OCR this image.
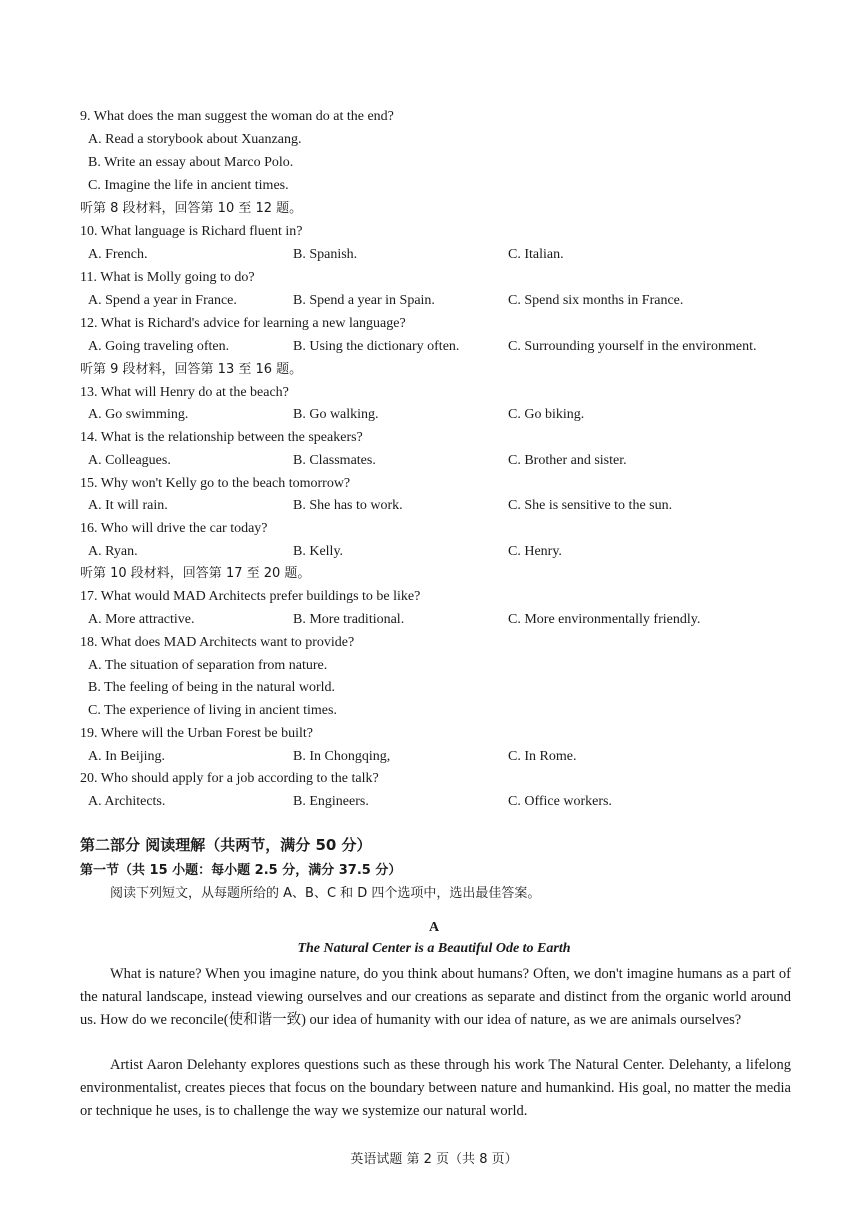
9. What does the man suggest the woman do at the end?
A. Read a storybook about Xuanzang.
B. Write an essay about Marco Polo.
C. Imagine the life in ancient times.
听第 8 段材料，回答第 10 至 12 题。
10. What language is Richard fluent in?
A. French.	B. Spanish.	C. Italian.
11. What is Molly going to do?
A. Spend a year in France.	B. Spend a year in Spain.	C. Spend six months in France.
12. What is Richard's advice for learning a new language?
A. Going traveling often.	B. Using the dictionary often.	C. Surrounding yourself in the environment.
听第 9 段材料，回答第 13 至 16 题。
13. What will Henry do at the beach?
A. Go swimming.	B. Go walking.	C. Go biking.
14. What is the relationship between the speakers?
A. Colleagues.	B. Classmates.	C. Brother and sister.
15. Why won't Kelly go to the beach tomorrow?
A. It will rain.	B. She has to work.	C. She is sensitive to the sun.
16. Who will drive the car today?
A. Ryan.	B. Kelly.	C. Henry.
听第 10 段材料，回答第 17 至 20 题。
17. What would MAD Architects prefer buildings to be like?
A. More attractive.	B. More traditional.	C. More environmentally friendly.
18. What does MAD Architects want to provide?
A. The situation of separation from nature.
B. The feeling of being in the natural world.
C. The experience of living in ancient times.
19. Where will the Urban Forest be built?
A. In Beijing.	B. In Chongqing,	C. In Rome.
20. Who should apply for a job according to the talk?
A. Architects.	B. Engineers.	C. Office workers.
第二部分 阅读理解（共两节，满分 50 分）
第一节（共 15 小题：每小题 2.5 分，满分 37.5 分）
阅读下列短文，从每题所给的 A、B、C 和 D 四个选项中，选出最佳答案。
A
The Natural Center is a Beautiful Ode to Earth
What is nature? When you imagine nature, do you think about humans? Often, we don't imagine humans as a part of the natural landscape, instead viewing ourselves and our creations as separate and distinct from the organic world around us. How do we reconcile(使和谐一致) our idea of humanity with our idea of nature, as we are animals ourselves?
Artist Aaron Delehanty explores questions such as these through his work The Natural Center. Delehanty, a lifelong environmentalist, creates pieces that focus on the boundary between nature and humankind. His goal, no matter the media or technique he uses, is to challenge the way we systemize our natural world.
英语试题 第 2 页（共 8 页）
